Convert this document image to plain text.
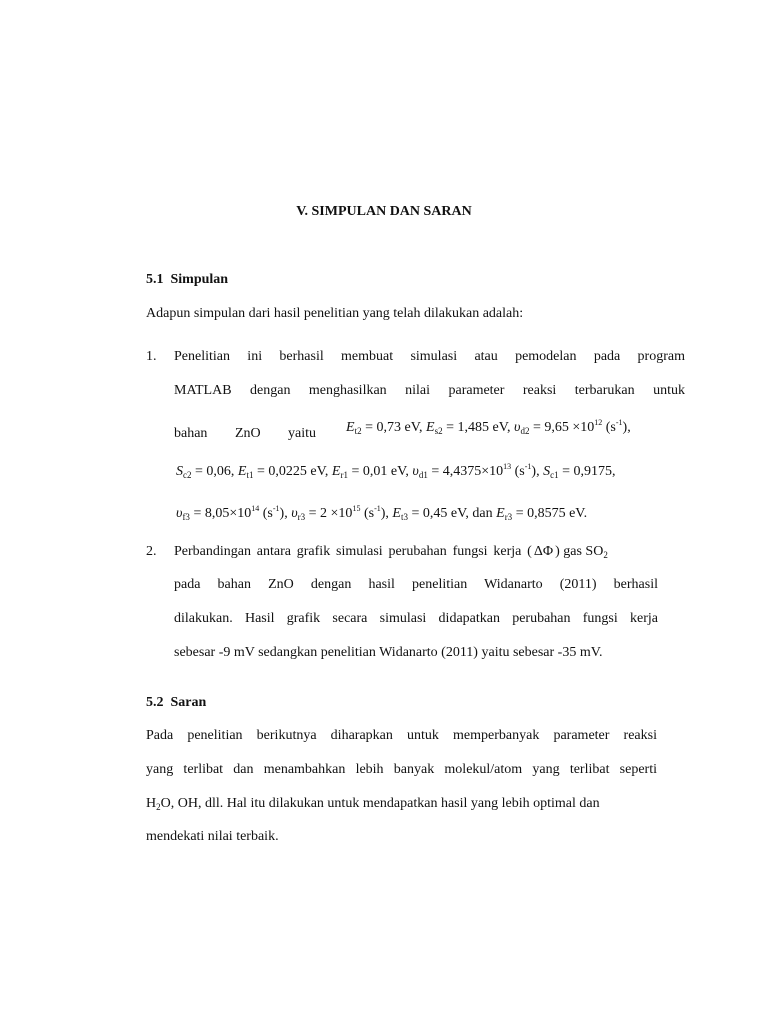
V. SIMPULAN DAN SARAN
5.1 Simpulan
Adapun simpulan dari hasil penelitian yang telah dilakukan adalah:
1. Penelitian ini berhasil membuat simulasi atau pemodelan pada program
MATLAB dengan menghasilkan nilai parameter reaksi terbarukan untuk
bahan ZnO yaitu $E_{t2} = 0,73$ eV, $E_{s2} = 1,485$ eV, $\upsilon_{d2} = 9,65 \times 10^{12}$ $(s^{-1})$,
$S_{c2} = 0,06$, $E_{t1} = 0,0225$ eV, $E_{r1} = 0,01$ eV, $\upsilon_{d1} = 4,4375\times 10^{13}$ $(s^{-1})$, $S_{c1} = 0,9175$,
$\upsilon_{f3} = 8,05\times 10^{14}$ $(s^{-1})$, $\upsilon_{r3} = 2 \times 10^{15}$ $(s^{-1})$, $E_{t3} = 0,45$ eV, dan $E_{r3} = 0,8575$ eV.
2. Perbandingan antara grafik simulasi perubahan fungsi kerja ( ΔΦ ) gas $SO_2$
pada bahan ZnO dengan hasil penelitian Widanarto (2011) berhasil
dilakukan. Hasil grafik secara simulasi didapatkan perubahan fungsi kerja
sebesar -9 mV sedangkan penelitian Widanarto (2011) yaitu sebesar -35 mV.
5.2 Saran
Pada penelitian berikutnya diharapkan untuk memperbanyak parameter reaksi
yang terlibat dan menambahkan lebih banyak molekul/atom yang terlibat seperti
$H_2O$, OH, dll. Hal itu dilakukan untuk mendapatkan hasil yang lebih optimal dan
mendekati nilai terbaik.
